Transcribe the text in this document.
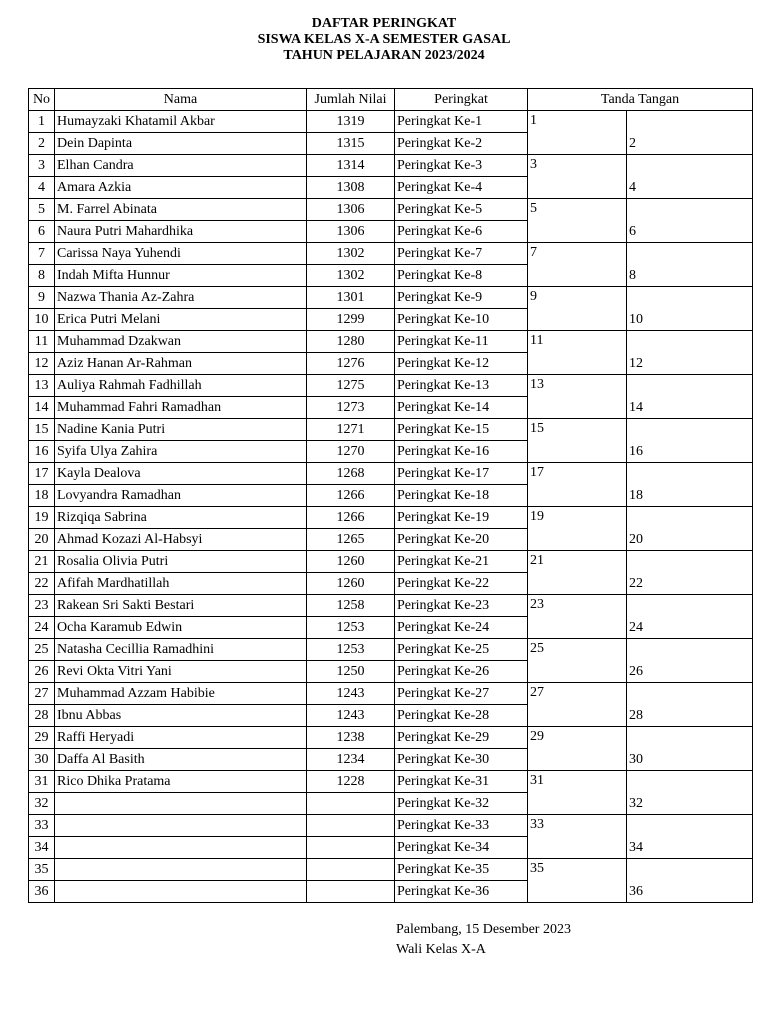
DAFTAR PERINGKAT
SISWA KELAS X-A SEMESTER GASAL
TAHUN PELAJARAN 2023/2024
No	Nama	Jumlah Nilai	Peringkat	Tanda Tangan	
1	Humayzaki Khatamil Akbar	1319	Peringkat Ke-1	1	
2	Dein Dapinta	1315	Peringkat Ke-2		2
3	Elhan Candra	1314	Peringkat Ke-3	3	
4	Amara Azkia	1308	Peringkat Ke-4		4
5	M. Farrel Abinata	1306	Peringkat Ke-5	5	
6	Naura Putri Mahardhika	1306	Peringkat Ke-6		6
7	Carissa Naya Yuhendi	1302	Peringkat Ke-7	7	
8	Indah Mifta Hunnur	1302	Peringkat Ke-8		8
9	Nazwa Thania Az-Zahra	1301	Peringkat Ke-9	9	
10	Erica Putri Melani	1299	Peringkat Ke-10		10
11	Muhammad Dzakwan	1280	Peringkat Ke-11	11	
12	Aziz Hanan Ar-Rahman	1276	Peringkat Ke-12		12
13	Auliya Rahmah Fadhillah	1275	Peringkat Ke-13	13	
14	Muhammad Fahri Ramadhan	1273	Peringkat Ke-14		14
15	Nadine Kania Putri	1271	Peringkat Ke-15	15	
16	Syifa Ulya Zahira	1270	Peringkat Ke-16		16
17	Kayla Dealova	1268	Peringkat Ke-17	17	
18	Lovyandra Ramadhan	1266	Peringkat Ke-18		18
19	Rizqiqa Sabrina	1266	Peringkat Ke-19	19	
20	Ahmad Kozazi Al-Habsyi	1265	Peringkat Ke-20		20
21	Rosalia Olivia Putri	1260	Peringkat Ke-21	21	
22	Afifah Mardhatillah	1260	Peringkat Ke-22		22
23	Rakean Sri Sakti Bestari	1258	Peringkat Ke-23	23	
24	Ocha Karamub Edwin	1253	Peringkat Ke-24		24
25	Natasha Cecillia Ramadhini	1253	Peringkat Ke-25	25	
26	Revi Okta Vitri Yani	1250	Peringkat Ke-26		26
27	Muhammad Azzam Habibie	1243	Peringkat Ke-27	27	
28	Ibnu Abbas	1243	Peringkat Ke-28		28
29	Raffi Heryadi	1238	Peringkat Ke-29	29	
30	Daffa Al Basith	1234	Peringkat Ke-30		30
31	Rico Dhika Pratama	1228	Peringkat Ke-31	31	
32			Peringkat Ke-32		32
33			Peringkat Ke-33	33	
34			Peringkat Ke-34		34
35			Peringkat Ke-35	35	
36			Peringkat Ke-36		36
Palembang, 15 Desember 2023
Wali Kelas X-A
